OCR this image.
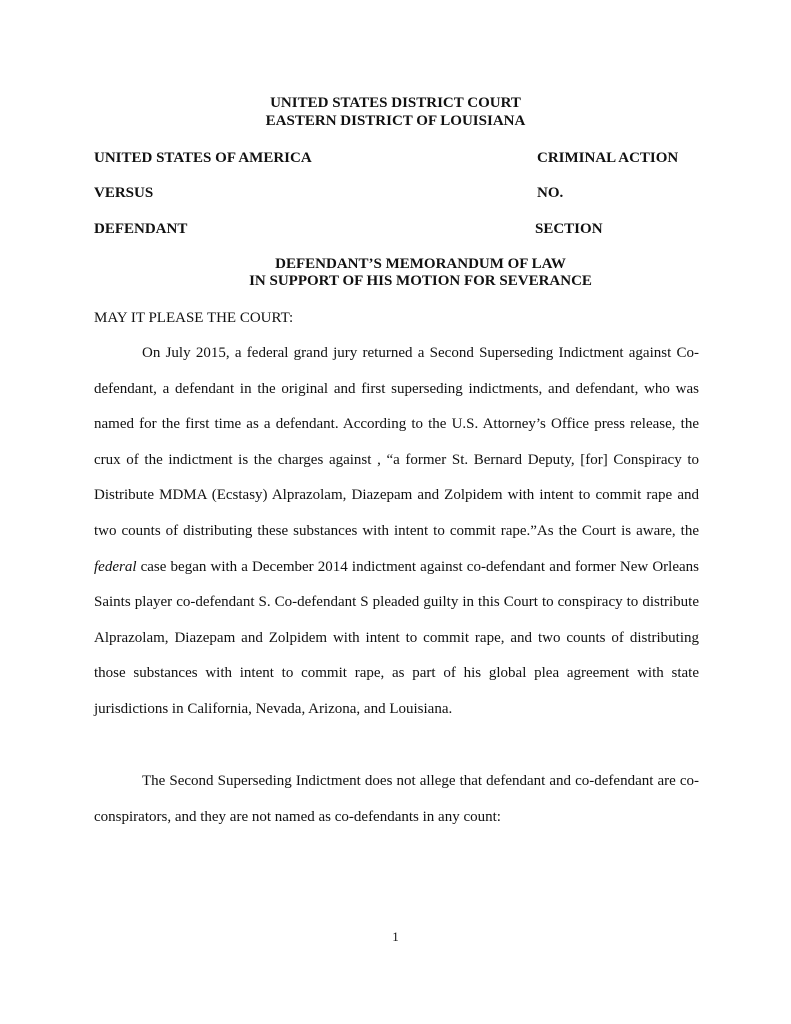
UNITED STATES DISTRICT COURT
EASTERN DISTRICT OF LOUISIANA
UNITED STATES OF AMERICA	CRIMINAL ACTION
VERSUS	NO.
DEFENDANT	SECTION
DEFENDANT’S MEMORANDUM OF LAW
IN SUPPORT OF HIS MOTION FOR SEVERANCE
MAY IT PLEASE THE COURT:

On July 2015, a federal grand jury returned a Second Superseding Indictment against Co-defendant, a defendant in the original and first superseding indictments, and defendant, who was named for the first time as a defendant. According to the U.S. Attorney’s Office press release, the crux of the indictment is the charges against , “a former St. Bernard Deputy, [for] Conspiracy to Distribute MDMA (Ecstasy) Alprazolam, Diazepam and Zolpidem with intent to commit rape and two counts of distributing these substances with intent to commit rape.”As the Court is aware, the federal case began with a December 2014 indictment against co-defendant and former New Orleans Saints player co-defendant S. Co-defendant S pleaded guilty in this Court to conspiracy to distribute Alprazolam, Diazepam and Zolpidem with intent to commit rape, and two counts of distributing those substances with intent to commit rape, as part of his global plea agreement with state jurisdictions in California, Nevada, Arizona, and Louisiana.

The Second Superseding Indictment does not allege that defendant and co-defendant are co- conspirators, and they are not named as co-defendants in any count:

1
